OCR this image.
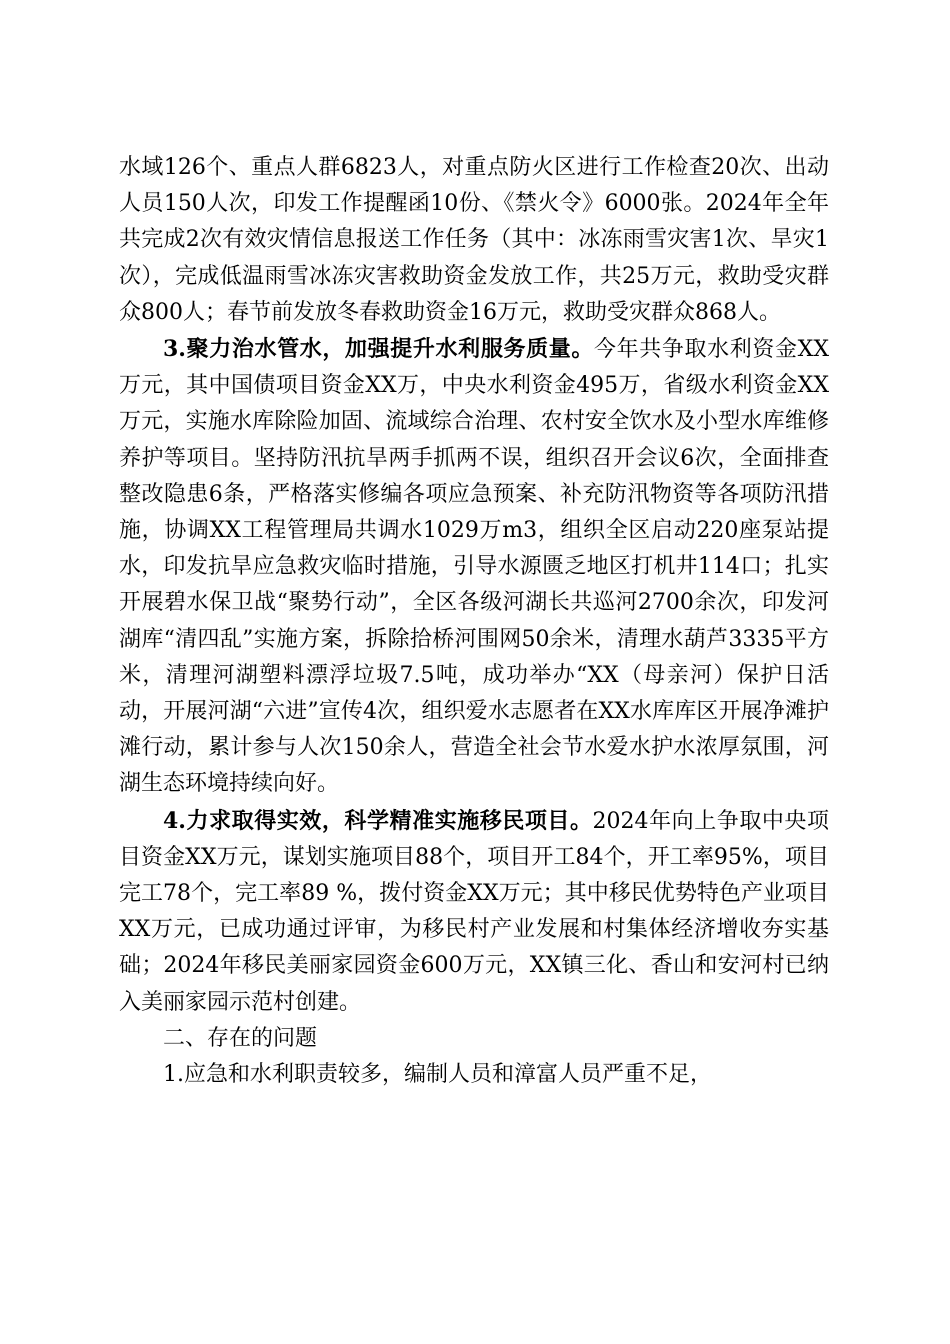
水域126个、重点人群6823人，对重点防火区进行工作检查20次、出动人员150人次，印发工作提醒函10份、《禁火令》6000张。2024年全年共完成2次有效灾情信息报送工作任务（其中：冰冻雨雪灾害1次、旱灾1次），完成低温雨雪冰冻灾害救助资金发放工作，共25万元，救助受灾群众800人；春节前发放冬春救助资金16万元，救助受灾群众868人。

3.聚力治水管水，加强提升水利服务质量。今年共争取水利资金XX万元，其中国债项目资金XX万，中央水利资金495万，省级水利资金XX万元，实施水库除险加固、流域综合治理、农村安全饮水及小型水库维修养护等项目。坚持防汛抗旱两手抓两不误，组织召开会议6次，全面排查整改隐患6条，严格落实修编各项应急预案、补充防汛物资等各项防汛措施，协调XX工程管理局共调水1029万m3，组织全区启动220座泵站提水，印发抗旱应急救灾临时措施，引导水源匮乏地区打机井114口；扎实开展碧水保卫战“聚势行动”，全区各级河湖长共巡河2700余次，印发河湖库“清四乱”实施方案，拆除拾桥河围网50余米，清理水葫芦3335平方米，清理河湖塑料漂浮垃圾7.5吨，成功举办“XX（母亲河）保护日活动，开展河湖“六进”宣传4次，组织爱水志愿者在XX水库库区开展净滩护滩行动，累计参与人次150余人，营造全社会节水爱水护水浓厚氛围，河湖生态环境持续向好。

4.力求取得实效，科学精准实施移民项目。2024年向上争取中央项目资金XX万元，谋划实施项目88个，项目开工84个，开工率95%，项目完工78个，完工率89 %，拨付资金XX万元；其中移民优势特色产业项目XX万元，已成功通过评审，为移民村产业发展和村集体经济增收夯实基础；2024年移民美丽家园资金600万元，XX镇三化、香山和安河村已纳入美丽家园示范村创建。

二、存在的问题

1.应急和水利职责较多，编制人员和漳富人员严重不足，
